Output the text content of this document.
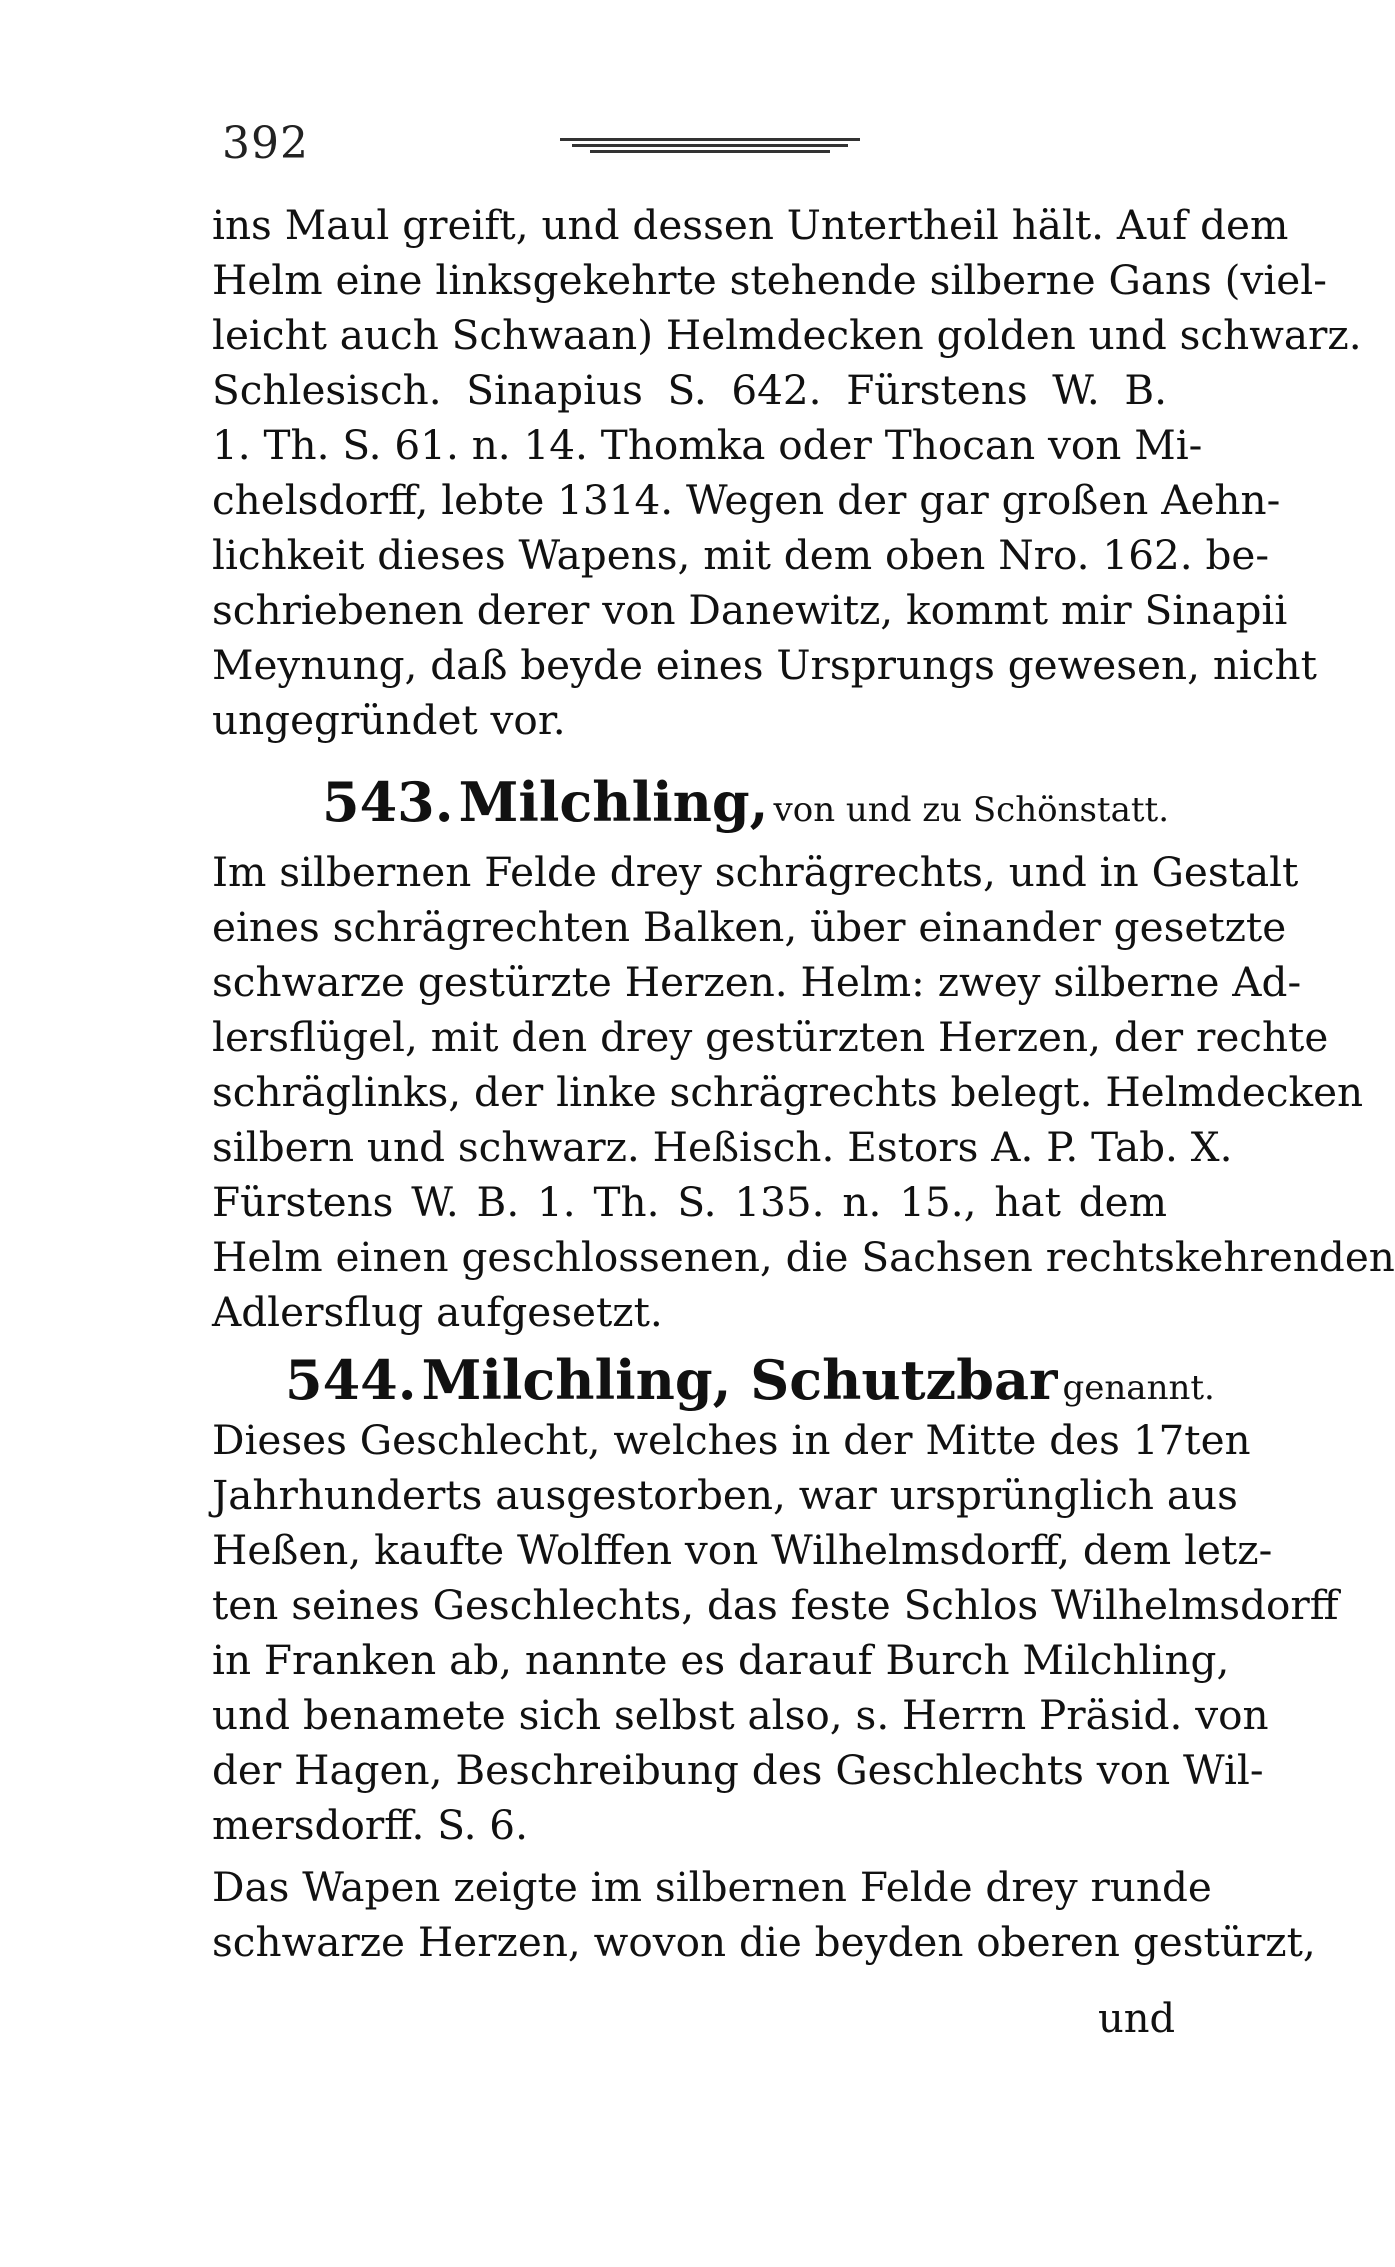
392
ins Maul greift, und dessen Untertheil hält. Auf dem
Helm eine linksgekehrte stehende silberne Gans (viel-
leicht auch Schwaan) Helmdecken golden und schwarz.
Schlesisch. Sinapius S. 642. Fürstens W. B.
1. Th. S. 61. n. 14. Thomka oder Thocan von Mi-
chelsdorff, lebte 1314. Wegen der gar großen Aehn-
lichkeit dieses Wapens, mit dem oben Nro. 162. be-
schriebenen derer von Danewitz, kommt mir Sinapii
Meynung, daß beyde eines Ursprungs gewesen, nicht
ungegründet vor.
543. Milchling, von und zu Schönstatt.
Im silbernen Felde drey schrägrechts, und in Gestalt
eines schrägrechten Balken, über einander gesetzte
schwarze gestürzte Herzen. Helm: zwey silberne Ad-
lersflügel, mit den drey gestürzten Herzen, der rechte
schräglinks, der linke schrägrechts belegt. Helmdecken
silbern und schwarz. Heßisch. Estors A. P. Tab. X.
Fürstens W. B. 1. Th. S. 135. n. 15., hat dem
Helm einen geschlossenen, die Sachsen rechtskehrenden
Adlersflug aufgesetzt.
544. Milchling, Schutzbar genannt.
Dieses Geschlecht, welches in der Mitte des 17ten
Jahrhunderts ausgestorben, war ursprünglich aus
Heßen, kaufte Wolffen von Wilhelmsdorff, dem letz-
ten seines Geschlechts, das feste Schlos Wilhelmsdorff
in Franken ab, nannte es darauf Burch Milchling,
und benamete sich selbst also, s. Herrn Präsid. von
der Hagen, Beschreibung des Geschlechts von Wil-
mersdorff. S. 6.
Das Wapen zeigte im silbernen Felde drey runde
schwarze Herzen, wovon die beyden oberen gestürzt,
und
